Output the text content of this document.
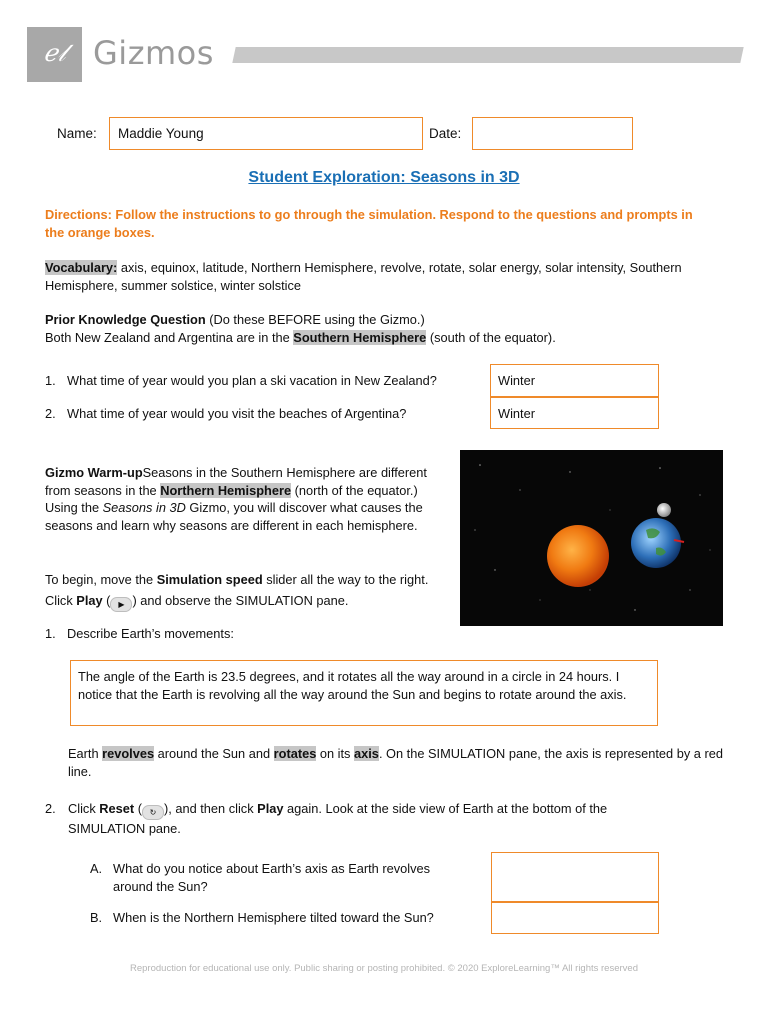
ℯ𝓁 Gizmos
Name: Maddie Young	Date:
Student Exploration: Seasons in 3D
Directions: Follow the instructions to go through the simulation. Respond to the questions and prompts in the orange boxes.
Vocabulary: axis, equinox, latitude, Northern Hemisphere, revolve, rotate, solar energy, solar intensity, Southern Hemisphere, summer solstice, winter solstice
Prior Knowledge Question (Do these BEFORE using the Gizmo.)
Both New Zealand and Argentina are in the Southern Hemisphere (south of the equator).
1. What time of year would you plan a ski vacation in New Zealand?	Winter
2. What time of year would you visit the beaches of Argentina?	Winter
Gizmo Warm-upSeasons in the Southern Hemisphere are different from seasons in the Northern Hemisphere (north of the equator.) Using the Seasons in 3D Gizmo, you will discover what causes the seasons and learn why seasons are different in each hemisphere.
To begin, move the Simulation speed slider all the way to the right. Click Play ( ▶ ) and observe the SIMULATION pane.
1. Describe Earth’s movements:
The angle of the Earth is 23.5 degrees, and it rotates all the way around in a circle in 24 hours. I notice that the Earth is revolving all the way around the Sun and begins to rotate around the axis.
Earth revolves around the Sun and rotates on its axis. On the SIMULATION pane, the axis is represented by a red line.
2. Click Reset ( ↻ ), and then click Play again. Look at the side view of Earth at the bottom of the SIMULATION pane.
A. What do you notice about Earth’s axis as Earth revolves around the Sun?
B. When is the Northern Hemisphere tilted toward the Sun?
Reproduction for educational use only. Public sharing or posting prohibited. © 2020 ExploreLearning™ All rights reserved
